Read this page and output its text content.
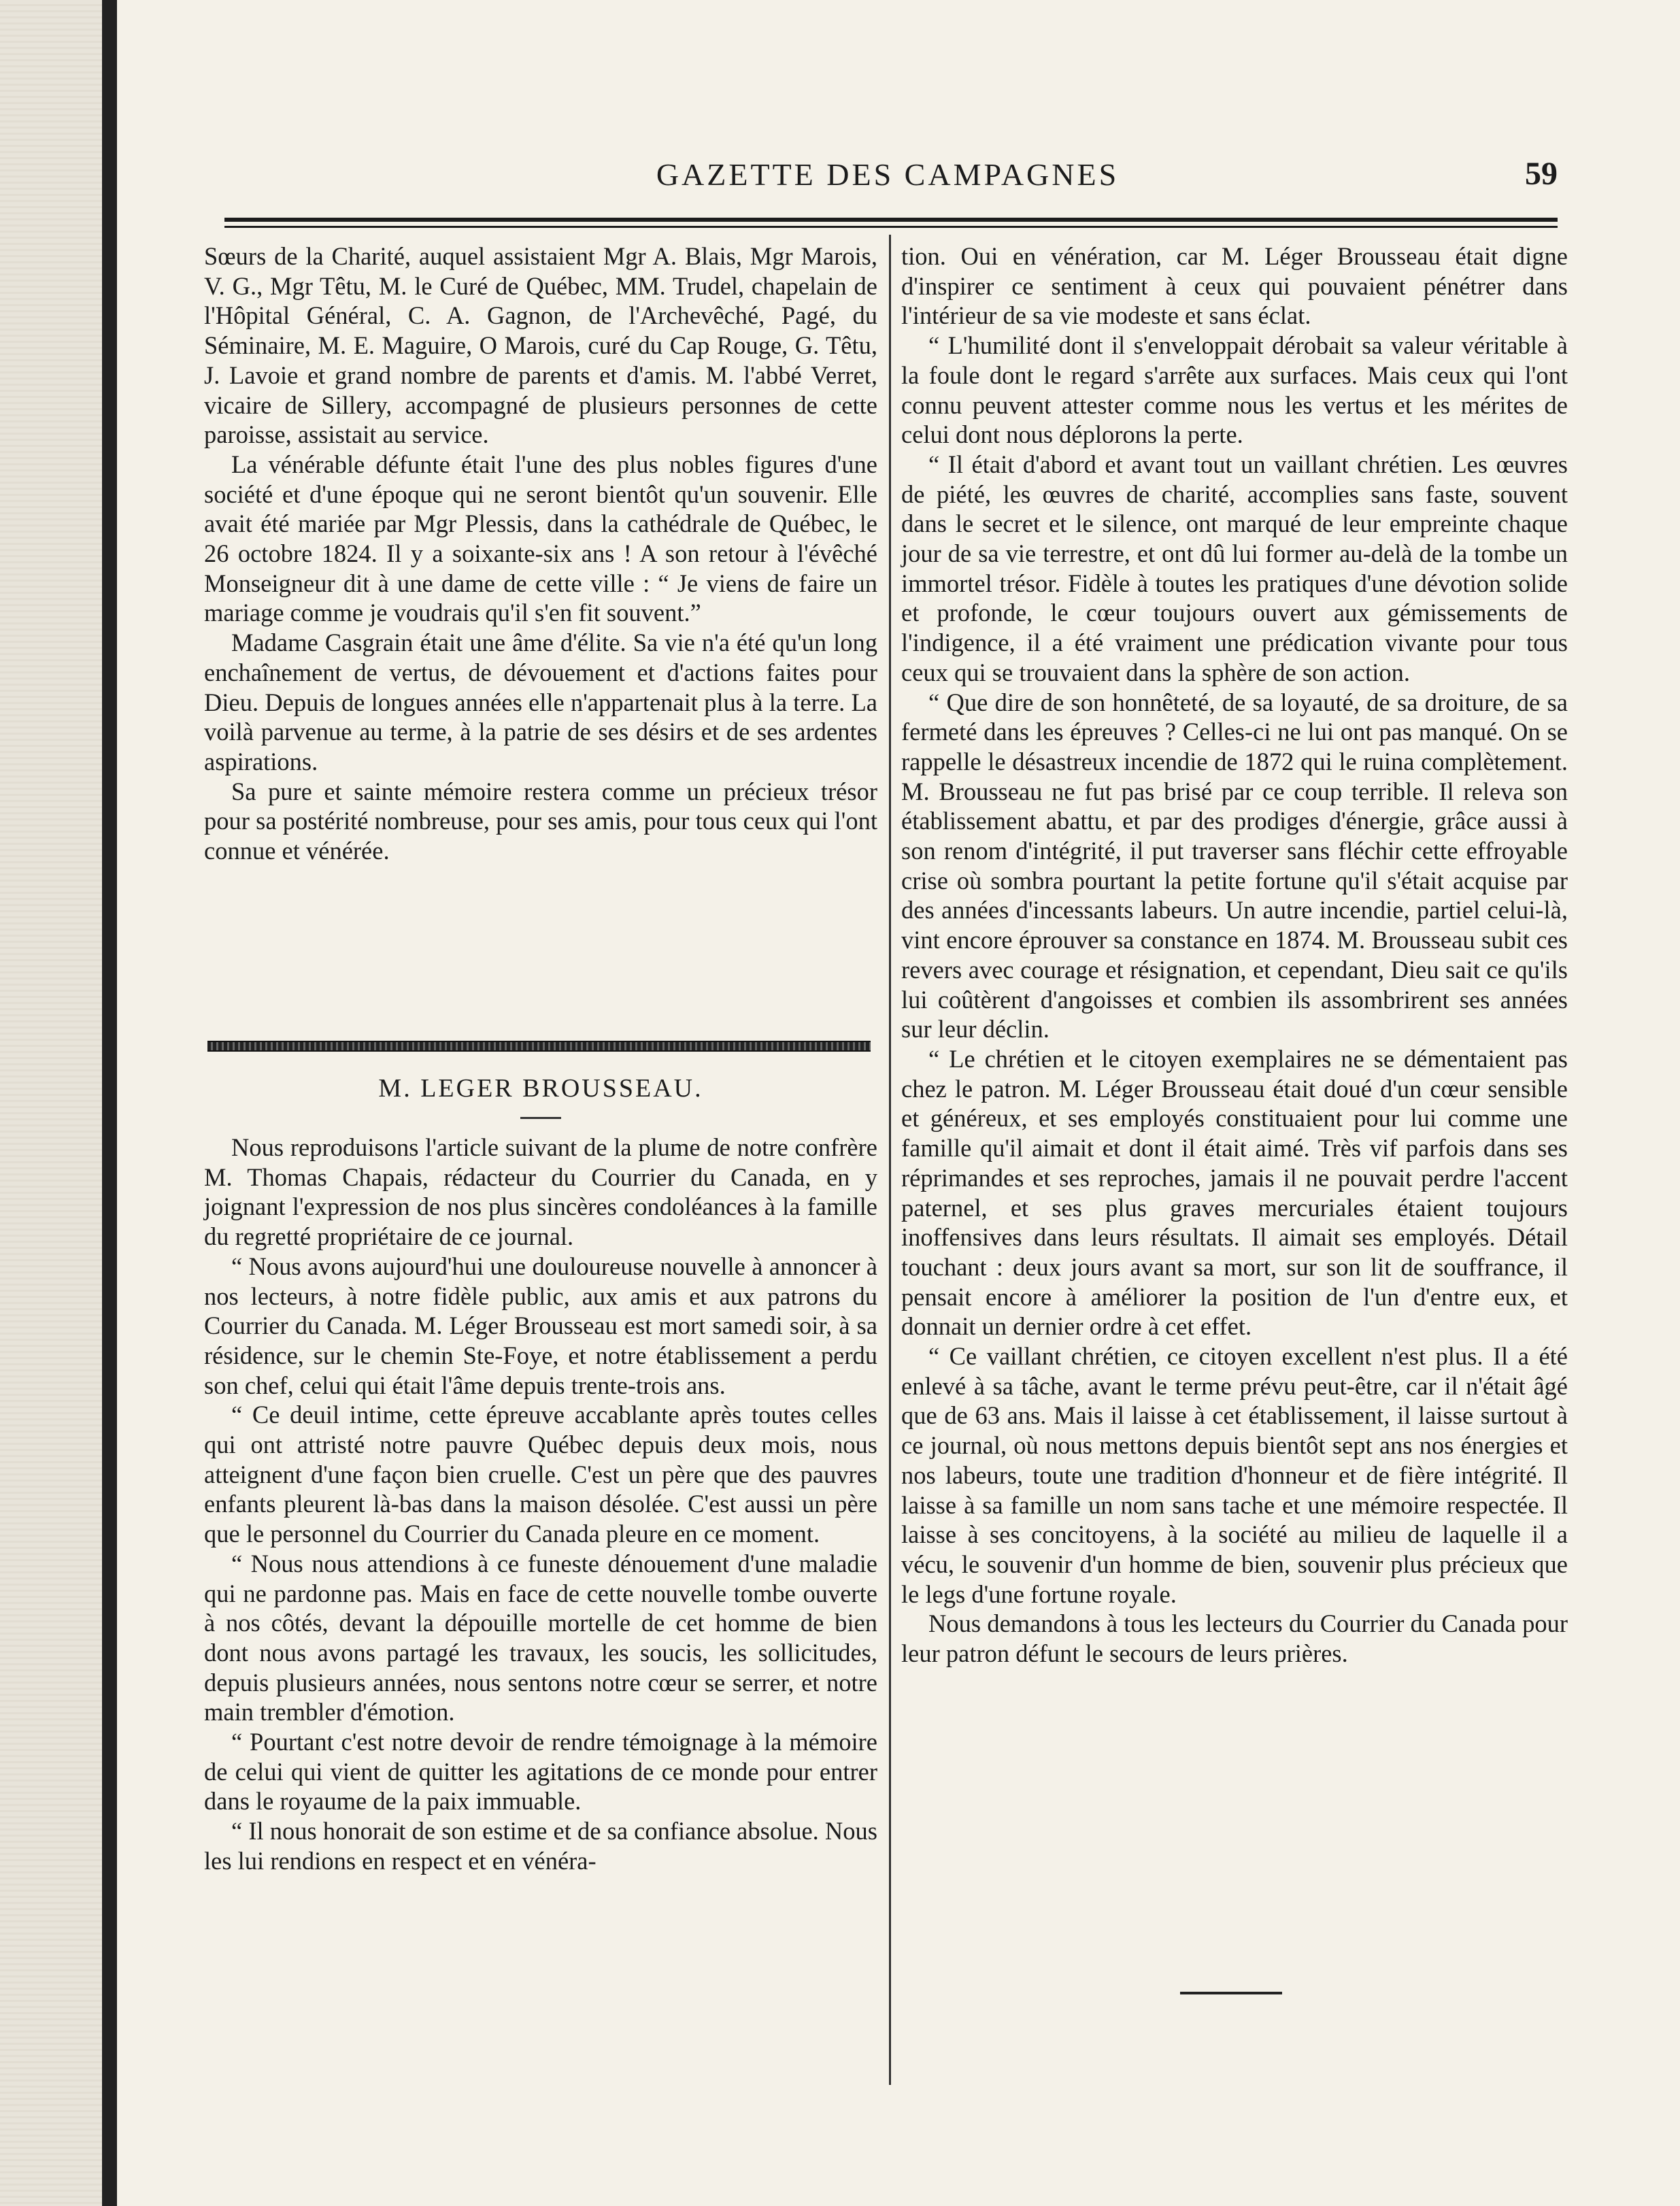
GAZETTE DES CAMPAGNES	59

Sœurs de la Charité, auquel assistaient Mgr A. Blais, Mgr Marois, V. G., Mgr Têtu, M. le Curé de Québec, MM. Trudel, chapelain de l'Hôpital Général, C. A. Gagnon, de l'Archevêché, Pagé, du Séminaire, M. E. Maguire, O Marois, curé du Cap Rouge, G. Têtu, J. Lavoie et grand nombre de parents et d'amis. M. l'abbé Verret, vicaire de Sillery, accompagné de plusieurs personnes de cette paroisse, assistait au service.

La vénérable défunte était l'une des plus nobles figures d'une société et d'une époque qui ne seront bientôt qu'un souvenir. Elle avait été mariée par Mgr Plessis, dans la cathédrale de Québec, le 26 octobre 1824. Il y a soixante-six ans ! A son retour à l'évêché Monseigneur dit à une dame de cette ville : “ Je viens de faire un mariage comme je voudrais qu'il s'en fit souvent.”

Madame Casgrain était une âme d'élite. Sa vie n'a été qu'un long enchaînement de vertus, de dévouement et d'actions faites pour Dieu. Depuis de longues années elle n'appartenait plus à la terre. La voilà parvenue au terme, à la patrie de ses désirs et de ses ardentes aspirations.

Sa pure et sainte mémoire restera comme un précieux trésor pour sa postérité nombreuse, pour ses amis, pour tous ceux qui l'ont connue et vénérée.

M. LEGER BROUSSEAU.

Nous reproduisons l'article suivant de la plume de notre confrère M. Thomas Chapais, rédacteur du Courrier du Canada, en y joignant l'expression de nos plus sincères condoléances à la famille du regretté propriétaire de ce journal.

“ Nous avons aujourd'hui une douloureuse nouvelle à annoncer à nos lecteurs, à notre fidèle public, aux amis et aux patrons du Courrier du Canada. M. Léger Brousseau est mort samedi soir, à sa résidence, sur le chemin Ste-Foye, et notre établissement a perdu son chef, celui qui était l'âme depuis trente-trois ans.

“ Ce deuil intime, cette épreuve accablante après toutes celles qui ont attristé notre pauvre Québec depuis deux mois, nous atteignent d'une façon bien cruelle. C'est un père que des pauvres enfants pleurent là-bas dans la maison désolée. C'est aussi un père que le personnel du Courrier du Canada pleure en ce moment.

“ Nous nous attendions à ce funeste dénouement d'une maladie qui ne pardonne pas. Mais en face de cette nouvelle tombe ouverte à nos côtés, devant la dépouille mortelle de cet homme de bien dont nous avons partagé les travaux, les soucis, les sollicitudes, depuis plusieurs années, nous sentons notre cœur se serrer, et notre main trembler d'émotion.

“ Pourtant c'est notre devoir de rendre témoignage à la mémoire de celui qui vient de quitter les agitations de ce monde pour entrer dans le royaume de la paix immuable.

“ Il nous honorait de son estime et de sa confiance absolue. Nous les lui rendions en respect et en vénéra-

tion. Oui en vénération, car M. Léger Brousseau était digne d'inspirer ce sentiment à ceux qui pouvaient pénétrer dans l'intérieur de sa vie modeste et sans éclat.

“ L'humilité dont il s'enveloppait dérobait sa valeur véritable à la foule dont le regard s'arrête aux surfaces. Mais ceux qui l'ont connu peuvent attester comme nous les vertus et les mérites de celui dont nous déplorons la perte.

“ Il était d'abord et avant tout un vaillant chrétien. Les œuvres de piété, les œuvres de charité, accomplies sans faste, souvent dans le secret et le silence, ont marqué de leur empreinte chaque jour de sa vie terrestre, et ont dû lui former au-delà de la tombe un immortel trésor. Fidèle à toutes les pratiques d'une dévotion solide et profonde, le cœur toujours ouvert aux gémissements de l'indigence, il a été vraiment une prédication vivante pour tous ceux qui se trouvaient dans la sphère de son action.

“ Que dire de son honnêteté, de sa loyauté, de sa droiture, de sa fermeté dans les épreuves ? Celles-ci ne lui ont pas manqué. On se rappelle le désastreux incendie de 1872 qui le ruina complètement. M. Brousseau ne fut pas brisé par ce coup terrible. Il releva son établissement abattu, et par des prodiges d'énergie, grâce aussi à son renom d'intégrité, il put traverser sans fléchir cette effroyable crise où sombra pourtant la petite fortune qu'il s'était acquise par des années d'incessants labeurs. Un autre incendie, partiel celui-là, vint encore éprouver sa constance en 1874. M. Brousseau subit ces revers avec courage et résignation, et cependant, Dieu sait ce qu'ils lui coûtèrent d'angoisses et combien ils assombrirent ses années sur leur déclin.

“ Le chrétien et le citoyen exemplaires ne se démentaient pas chez le patron. M. Léger Brousseau était doué d'un cœur sensible et généreux, et ses employés constituaient pour lui comme une famille qu'il aimait et dont il était aimé. Très vif parfois dans ses réprimandes et ses reproches, jamais il ne pouvait perdre l'accent paternel, et ses plus graves mercuriales étaient toujours inoffensives dans leurs résultats. Il aimait ses employés. Détail touchant : deux jours avant sa mort, sur son lit de souffrance, il pensait encore à améliorer la position de l'un d'entre eux, et donnait un dernier ordre à cet effet.

“ Ce vaillant chrétien, ce citoyen excellent n'est plus. Il a été enlevé à sa tâche, avant le terme prévu peut-être, car il n'était âgé que de 63 ans. Mais il laisse à cet établissement, il laisse surtout à ce journal, où nous mettons depuis bientôt sept ans nos énergies et nos labeurs, toute une tradition d'honneur et de fière intégrité. Il laisse à sa famille un nom sans tache et une mémoire respectée. Il laisse à ses concitoyens, à la société au milieu de laquelle il a vécu, le souvenir d'un homme de bien, souvenir plus précieux que le legs d'une fortune royale.

Nous demandons à tous les lecteurs du Courrier du Canada pour leur patron défunt le secours de leurs prières.
